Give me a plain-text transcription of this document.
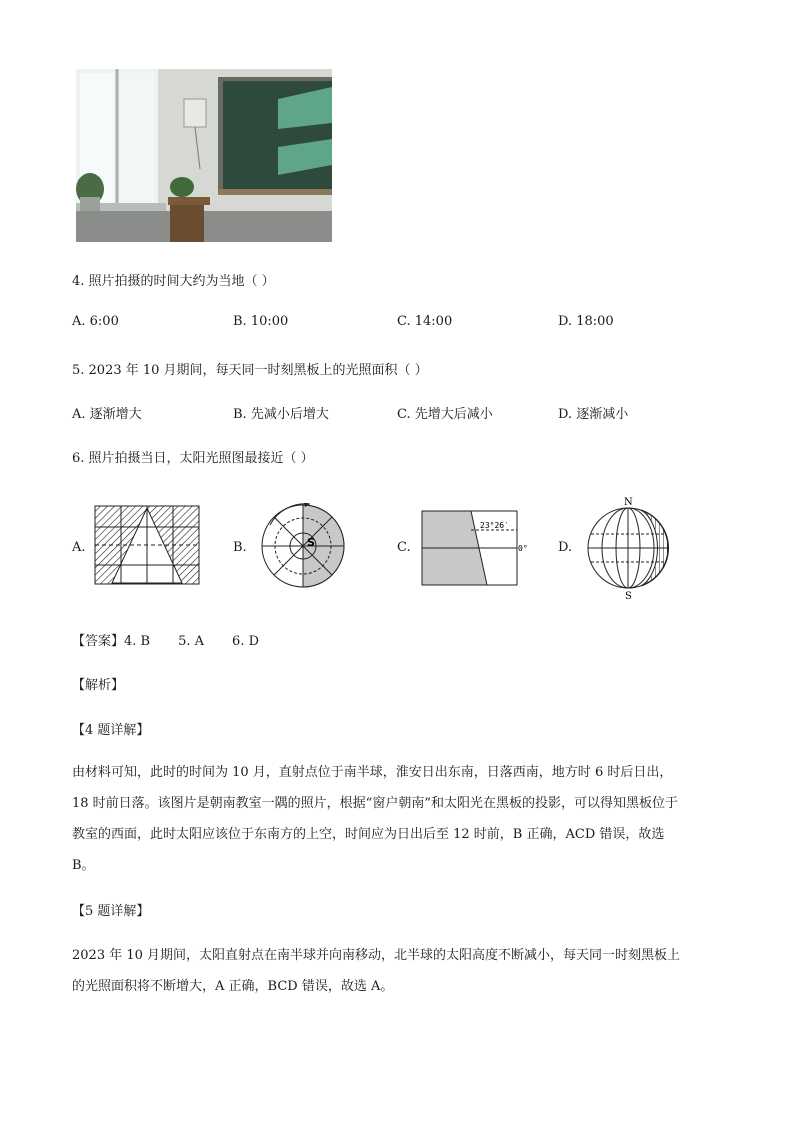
4. 照片拍摄的时间大约为当地（ ）
A. 6:00	B. 10:00	C. 14:00	D. 18:00
5. 2023 年 10 月期间，每天同一时刻黑板上的光照面积（ ）
A. 逐渐增大	B. 先减小后增大	C. 先增大后减小	D. 逐渐减小
6. 照片拍摄当日，太阳光照图最接近（ ）
A.	B.	C.	D.
S
23°26′
0°
N
S
【答案】4. B 5. A 6. D
【解析】
【4 题详解】
由材料可知，此时的时间为 10 月，直射点位于南半球，淮安日出东南，日落西南，地方时 6 时后日出，
18 时前日落。该图片是朝南教室一隅的照片，根据“窗户朝南”和太阳光在黑板的投影，可以得知黑板位于
教室的西面，此时太阳应该位于东南方的上空，时间应为日出后至 12 时前，B 正确，ACD 错误，故选
B。
【5 题详解】
2023 年 10 月期间，太阳直射点在南半球并向南移动，北半球的太阳高度不断减小，每天同一时刻黑板上
的光照面积将不断增大，A 正确，BCD 错误，故选 A。
